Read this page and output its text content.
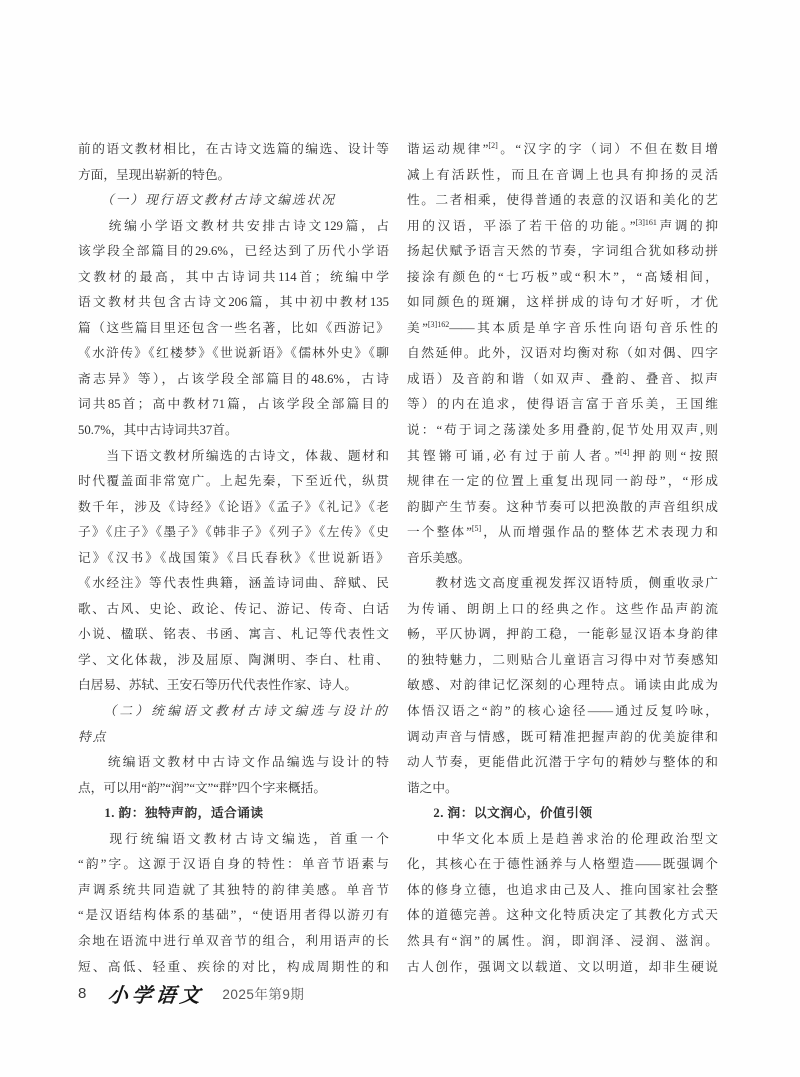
前的语文教材相比，在古诗文选篇的编选、设计等
方面，呈现出崭新的特色。
　　（一）现行语文教材古诗文编选状况
　　统编小学语文教材共安排古诗文129篇，占
该学段全部篇目的29.6%，已经达到了历代小学语
文教材的最高，其中古诗词共114首；统编中学
语文教材共包含古诗文206篇，其中初中教材135
篇（这些篇目里还包含一些名著，比如《西游记》
《水浒传》《红楼梦》《世说新语》《儒林外史》《聊
斋志异》等），占该学段全部篇目的48.6%，古诗
词共85首；高中教材71篇，占该学段全部篇目的
50.7%，其中古诗词共37首。
　　当下语文教材所编选的古诗文，体裁、题材和
时代覆盖面非常宽广。上起先秦，下至近代，纵贯
数千年，涉及《诗经》《论语》《孟子》《礼记》《老
子》《庄子》《墨子》《韩非子》《列子》《左传》《史
记》《汉书》《战国策》《吕氏春秋》《世说新语》
《水经注》等代表性典籍，涵盖诗词曲、辞赋、民
歌、古风、史论、政论、传记、游记、传奇、白话
小说、楹联、铭表、书函、寓言、札记等代表性文
学、文化体裁，涉及屈原、陶渊明、李白、杜甫、
白居易、苏轼、王安石等历代代表性作家、诗人。
　　（二）统编语文教材古诗文编选与设计的
特点
　　统编语文教材中古诗文作品编选与设计的特
点，可以用“韵”“润”“文”“群”四个字来概括。
　　1. 韵：独特声韵，适合诵读
　　现行统编语文教材古诗文编选，首重一个
“韵”字。这源于汉语自身的特性：单音节语素与
声调系统共同造就了其独特的韵律美感。单音节
“是汉语结构体系的基础”，“使语用者得以游刃有
余地在语流中进行单双音节的组合，利用语声的长
短、高低、轻重、疾徐的对比，构成周期性的和
谐运动规律”[2]。“汉字的字（词）不但在数目增
减上有活跃性，而且在音调上也具有抑扬的灵活
性。二者相乘，使得普通的表意的汉语和美化的艺
用的汉语，平添了若干倍的功能。”$^{[3]161}$声调的抑
扬起伏赋予语言天然的节奏，字词组合犹如移动拼
接涂有颜色的“七巧板”或“积木”，“高矮相间，
如同颜色的斑斓，这样拼成的诗句才好听，才优
美”$^{[3]162}$——其本质是单字音乐性向语句音乐性的
自然延伸。此外，汉语对均衡对称（如对偶、四字
成语）及音韵和谐（如双声、叠韵、叠音、拟声
等）的内在追求，使得语言富于音乐美，王国维
说：“苟于词之荡漾处多用叠韵,促节处用双声,则
其铿锵可诵,必有过于前人者。”[4]押韵则“按照
规律在一定的位置上重复出现同一韵母”，“形成
韵脚产生节奏。这种节奏可以把涣散的声音组织成
一个整体”[5]，从而增强作品的整体艺术表现力和
音乐美感。
　　教材选文高度重视发挥汉语特质，侧重收录广
为传诵、朗朗上口的经典之作。这些作品声韵流
畅，平仄协调，押韵工稳，一能彰显汉语本身韵律
的独特魅力，二则贴合儿童语言习得中对节奏感知
敏感、对韵律记忆深刻的心理特点。诵读由此成为
体悟汉语之“韵”的核心途径——通过反复吟咏，
调动声音与情感，既可精准把握声韵的优美旋律和
动人节奏，更能借此沉潜于字句的精妙与整体的和
谐之中。
　　2. 润：以文润心，价值引领
　　中华文化本质上是趋善求治的伦理政治型文
化，其核心在于德性涵养与人格塑造——既强调个
体的修身立德，也追求由己及人、推向国家社会整
体的道德完善。这种文化特质决定了其教化方式天
然具有“润”的属性。润，即润泽、浸润、滋润。
古人创作，强调文以载道、文以明道，却非生硬说
8 小学语文 2025年第9期
